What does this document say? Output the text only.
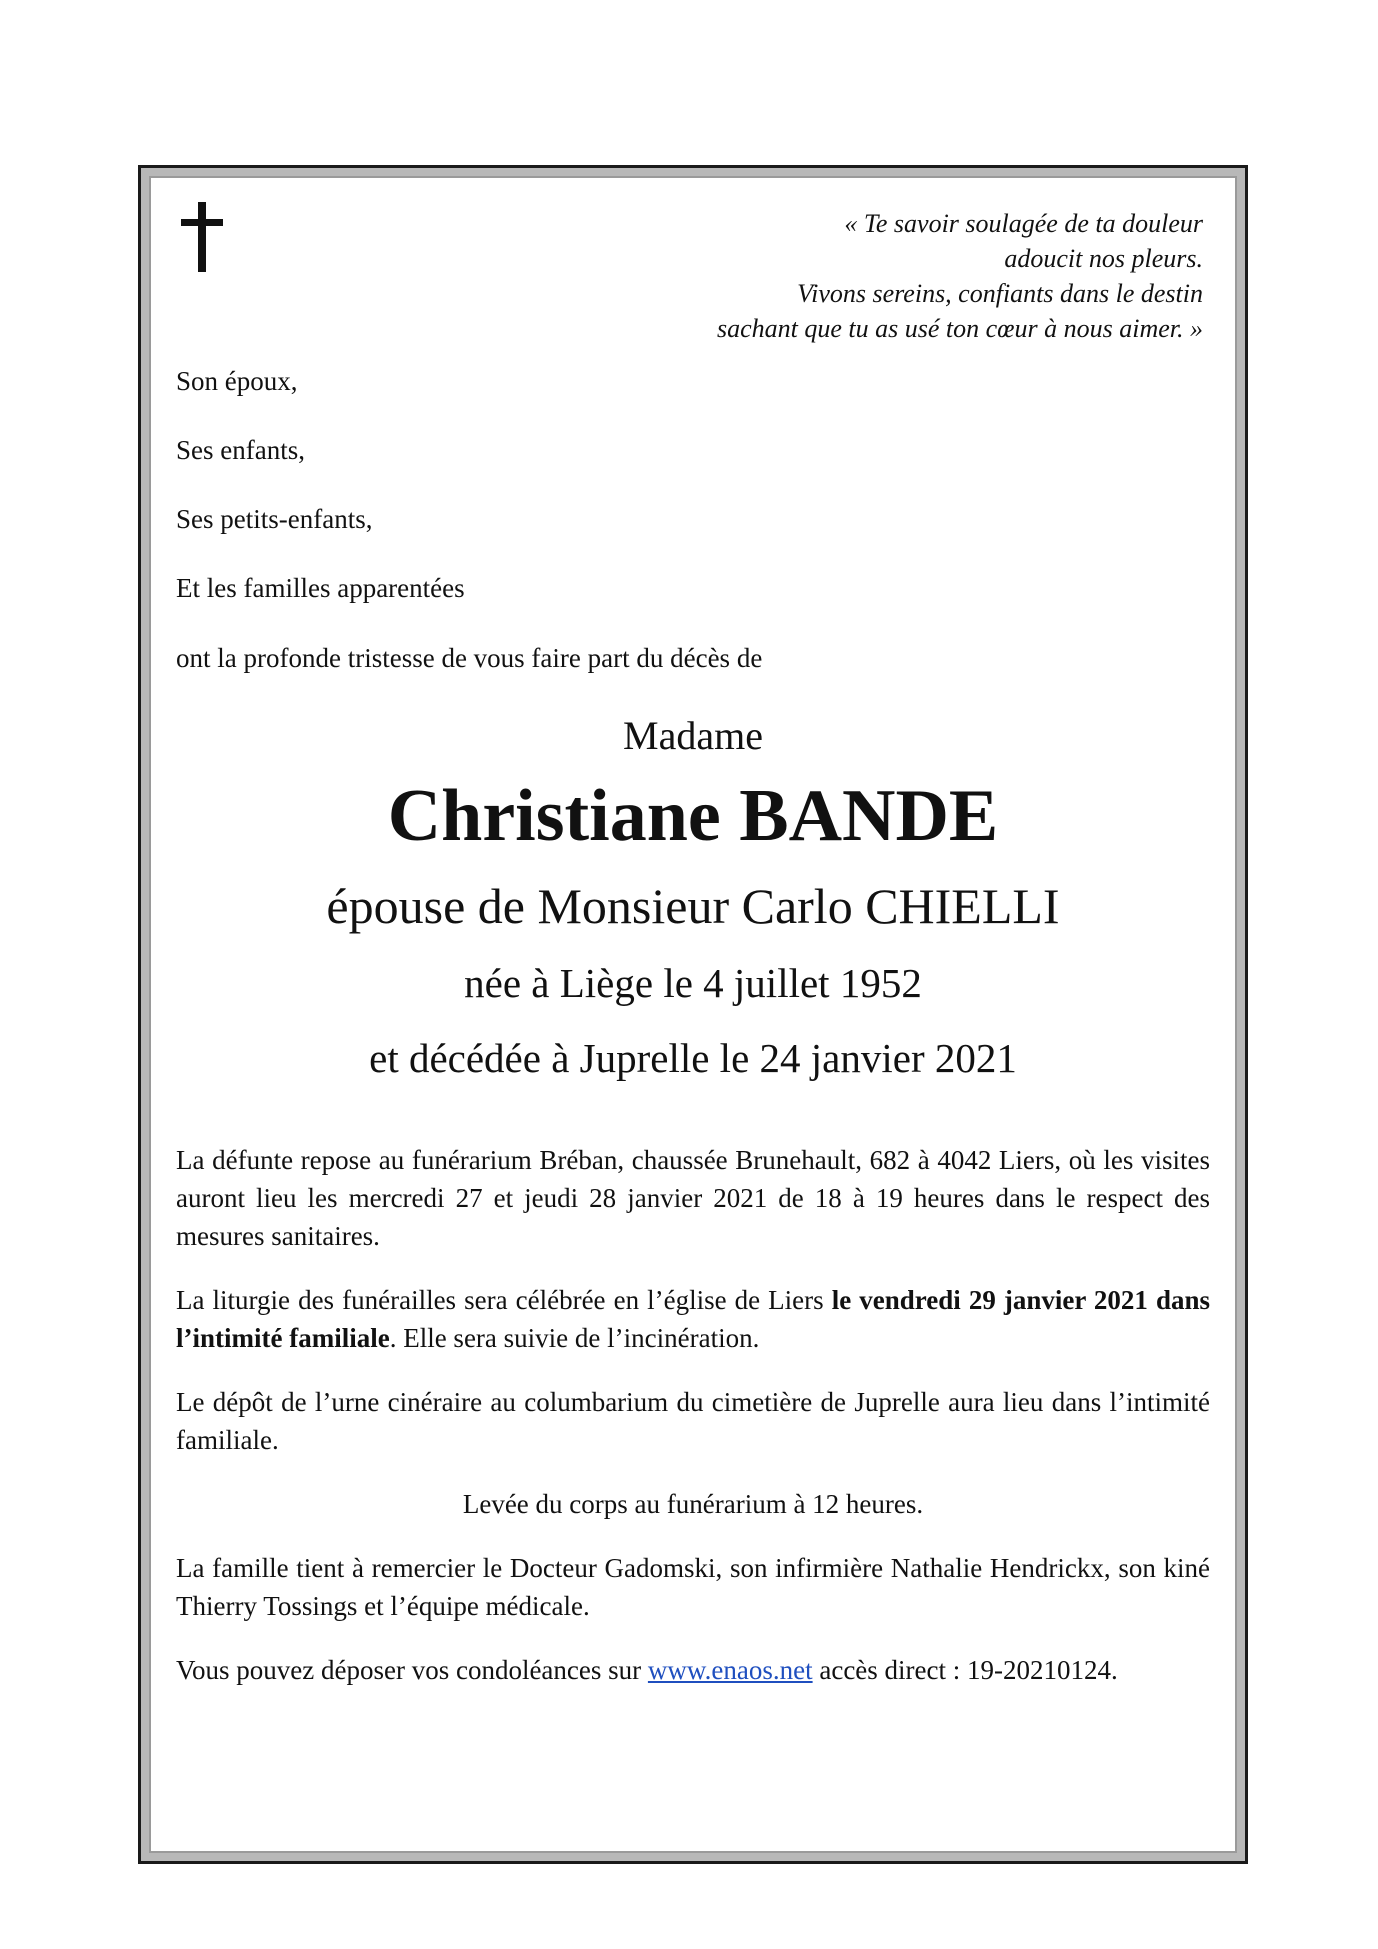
« Te savoir soulagée de ta douleur
adoucit nos pleurs.
Vivons sereins, confiants dans le destin
sachant que tu as usé ton cœur à nous aimer. »

Son époux,

Ses enfants,

Ses petits-enfants,

Et les familles apparentées

ont la profonde tristesse de vous faire part du décès de

Madame
Christiane BANDE
épouse de Monsieur Carlo CHIELLI
née à Liège le 4 juillet 1952
et décédée à Juprelle le 24 janvier 2021

La défunte repose au funérarium Bréban, chaussée Brunehault, 682 à 4042 Liers, où les visites auront lieu les mercredi 27 et jeudi 28 janvier 2021 de 18 à 19 heures dans le respect des mesures sanitaires.

La liturgie des funérailles sera célébrée en l’église de Liers le vendredi 29 janvier 2021 dans l’intimité familiale. Elle sera suivie de l’incinération.

Le dépôt de l’urne cinéraire au columbarium du cimetière de Juprelle aura lieu dans l’intimité familiale.

Levée du corps au funérarium à 12 heures.

La famille tient à remercier le Docteur Gadomski, son infirmière Nathalie Hendrickx, son kiné Thierry Tossings et l’équipe médicale.

Vous pouvez déposer vos condoléances sur www.enaos.net accès direct : 19-20210124.
